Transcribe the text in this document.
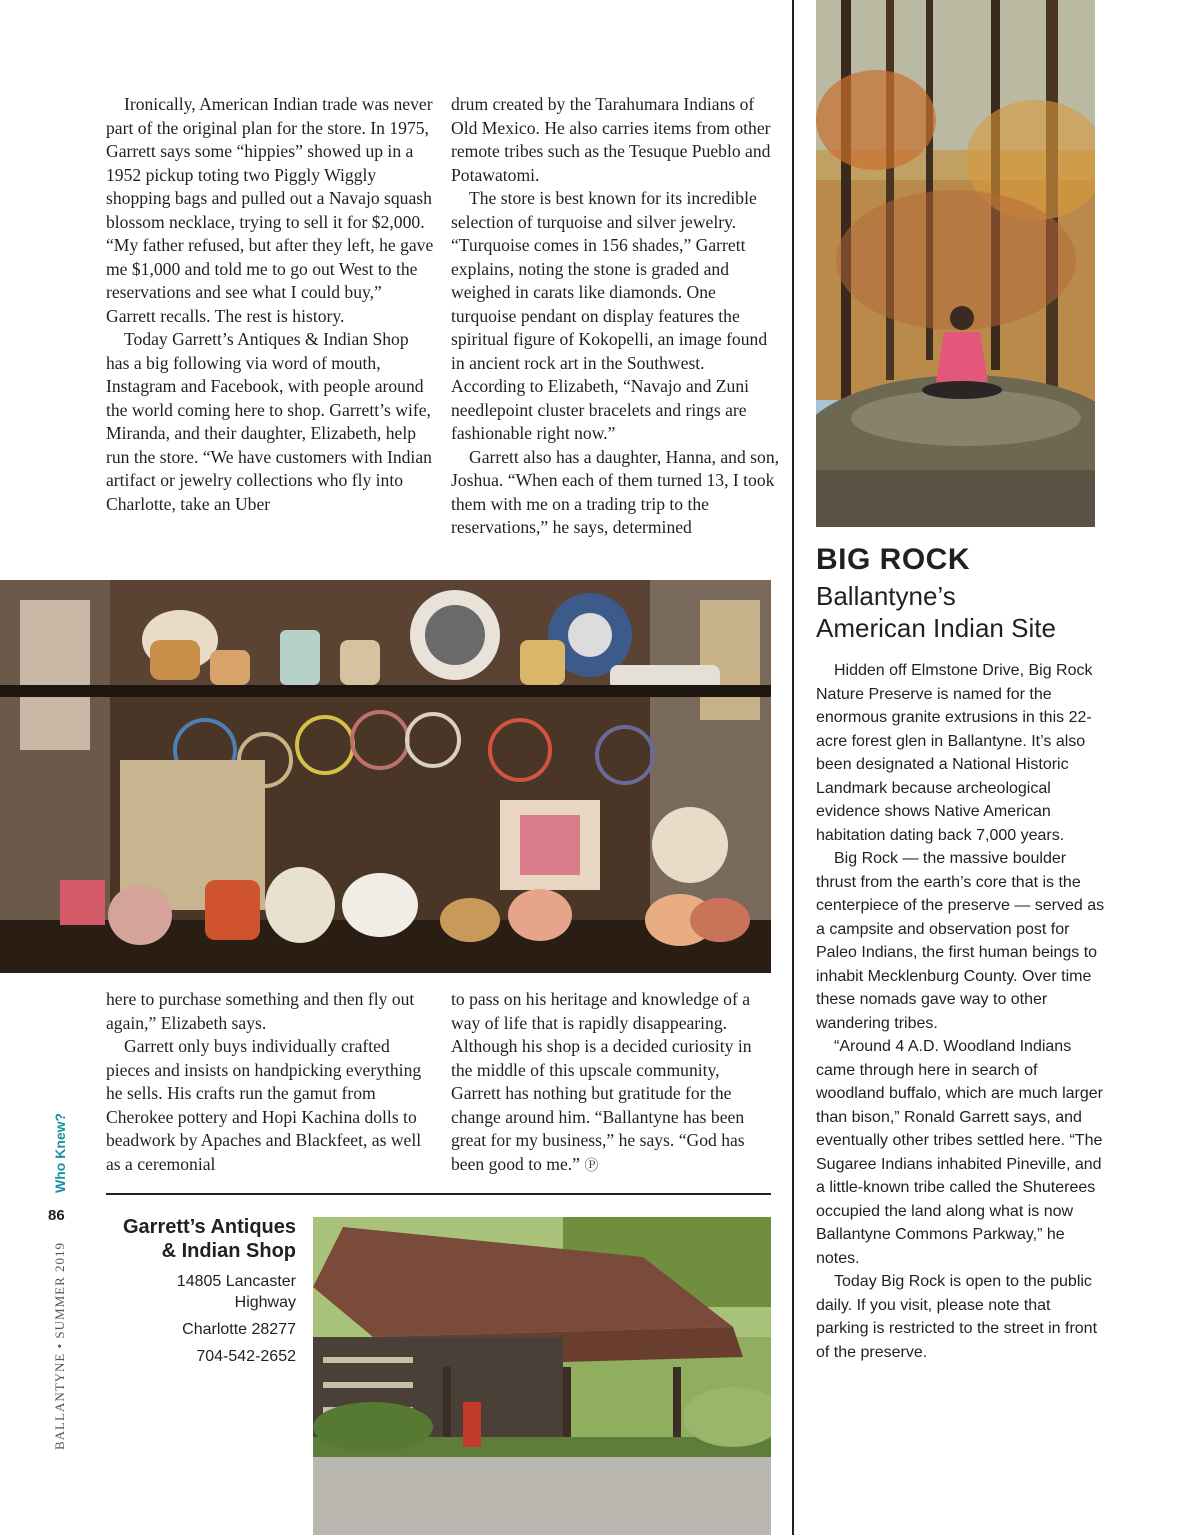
Ironically, American Indian trade was never part of the original plan for the store. In 1975, Garrett says some “hippies” showed up in a 1952 pickup toting two Piggly Wiggly shopping bags and pulled out a Navajo squash blossom necklace, trying to sell it for $2,000. “My father refused, but after they left, he gave me $1,000 and told me to go out West to the reservations and see what I could buy,” Garrett recalls. The rest is history.

Today Garrett’s Antiques & Indian Shop has a big following via word of mouth, Instagram and Facebook, with people around the world coming here to shop. Garrett’s wife, Miranda, and their daughter, Elizabeth, help run the store. “We have customers with Indian artifact or jewelry collections who fly into Charlotte, take an Uber

drum created by the Tarahumara Indians of Old Mexico. He also carries items from other remote tribes such as the Tesuque Pueblo and Potawatomi.

The store is best known for its incredible selection of turquoise and silver jewelry. “Turquoise comes in 156 shades,” Garrett explains, noting the stone is graded and weighed in carats like diamonds. One turquoise pendant on display features the spiritual figure of Kokopelli, an image found in ancient rock art in the Southwest. According to Elizabeth, “Navajo and Zuni needlepoint cluster bracelets and rings are fashionable right now.”

Garrett also has a daughter, Hanna, and son, Joshua. “When each of them turned 13, I took them with me on a trading trip to the reservations,” he says, determined

here to purchase something and then fly out again,” Elizabeth says.

Garrett only buys individually crafted pieces and insists on handpicking everything he sells. His crafts run the gamut from Cherokee pottery and Hopi Kachina dolls to beadwork by Apaches and Blackfeet, as well as a ceremonial

to pass on his heritage and knowledge of a way of life that is rapidly disappearing. Although his shop is a decided curiosity in the middle of this upscale community, Garrett has nothing but gratitude for the change around him. “Ballantyne has been great for my business,” he says. “God has been good to me.” Ⓟ

Garrett’s Antiques
& Indian Shop
14805 Lancaster
Highway
Charlotte 28277
704-542-2652
BIG ROCK
Ballantyne’s
American Indian Site

Hidden off Elmstone Drive, Big Rock Nature Preserve is named for the enormous granite extrusions in this 22-acre forest glen in Ballantyne. It’s also been designated a National Historic Landmark because archeological evidence shows Native American habitation dating back 7,000 years.

Big Rock — the massive boulder thrust from the earth’s core that is the centerpiece of the preserve — served as a campsite and observation post for Paleo Indians, the first human beings to inhabit Mecklenburg County. Over time these nomads gave way to other wandering tribes.

“Around 4 A.D. Woodland Indians came through here in search of woodland buffalo, which are much larger than bison,” Ronald Garrett says, and eventually other tribes settled here. “The Sugaree Indians inhabited Pineville, and a little-known tribe called the Shuterees occupied the land along what is now Ballantyne Commons Parkway,” he notes.

Today Big Rock is open to the public daily. If you visit, please note that parking is restricted to the street in front of the preserve.

86
Who Knew?
BALLANTYNE • SUMMER 2019
